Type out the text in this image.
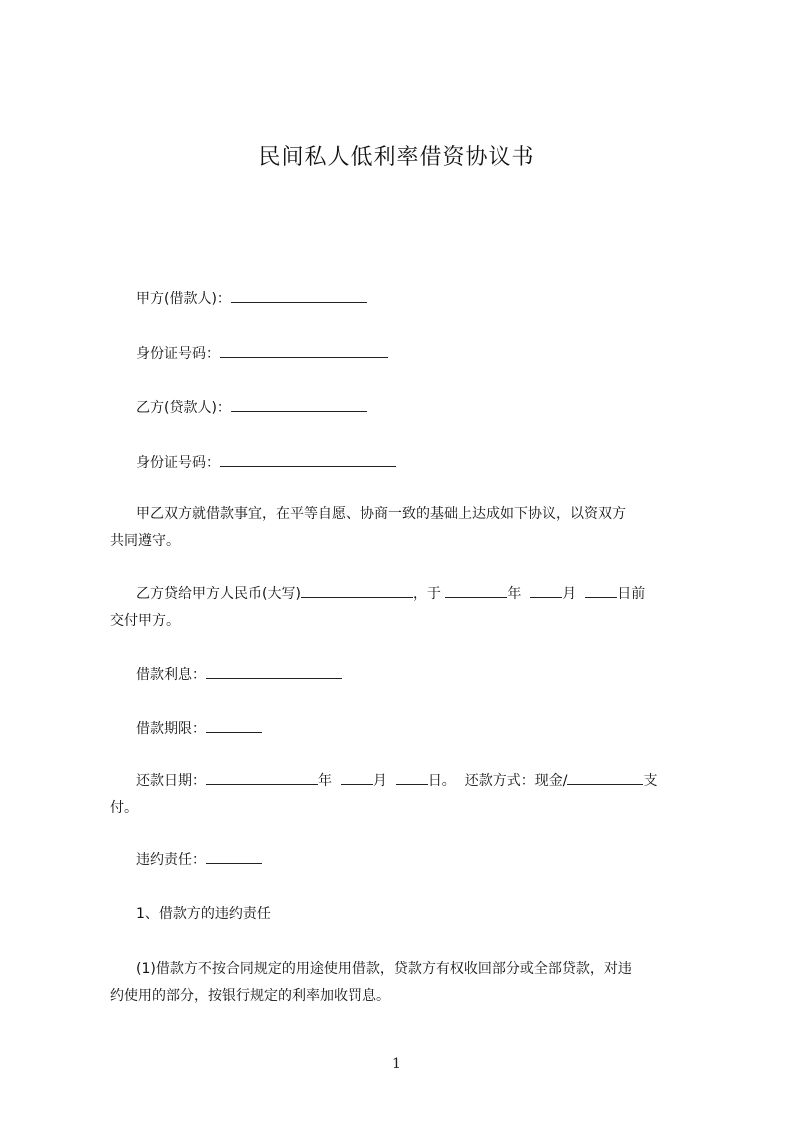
民间私人低利率借资协议书
甲方(借款人)：
身份证号码：
乙方(贷款人)：
身份证号码：
甲乙双方就借款事宜，在平等自愿、协商一致的基础上达成如下协议，以资双方
共同遵守。
乙方贷给甲方人民币(大写)	，于	年	月	日前
交付甲方。
借款利息：
借款期限：
还款日期：	年	月	日。 还款方式：现金/	支
付。
违约责任：
1、借款方的违约责任
(1)借款方不按合同规定的用途使用借款，贷款方有权收回部分或全部贷款，对违
约使用的部分，按银行规定的利率加收罚息。
1
